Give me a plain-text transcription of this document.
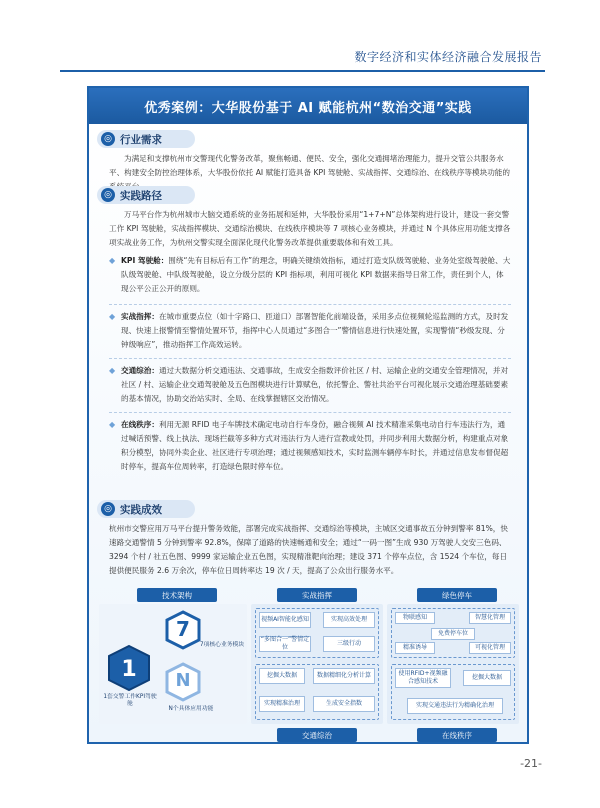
数字经济和实体经济融合发展报告
优秀案例：大华股份基于 AI 赋能杭州“数治交通”实践
◎ 行业需求
为满足和支撑杭州市交警现代化警务改革，聚焦畅通、便民、安全，强化交通拥堵治理能力，提升交管公共服务水平、构建安全防控治理体系，大华股份依托 AI 赋能打造具备 KPI 驾驶舱、实战指挥、交通综治、在线秩序等模块功能的
◎ 实践路径
万马平台作为杭州城市大脑交通系统的业务拓展和延伸，大华股份采用“1+7+N”总体架构进行设计，建设一套交警工作 KPI 驾驶舱，实战指挥模块、交通综治模块、在线秩序模块等 7 项核心业务模块，并通过 N 个具体应用功能支撑各项实战业务工作，为杭州交警实现全面深化现代化警务改革提供重要载体和有效工具。
◆ KPI 驾驶舱：围绕“先有目标后有工作”的理念，明确关键绩效指标，通过打造支队级驾驶舱、业务处室级驾驶舱、大队级驾驶舱、中队级驾驶舱，设立分级分层的 KPI 指标项，利用可视化 KPI 数据来指导日常工作，责任到个人，体现公平公正公开的原则。
◆ 实战指挥：在城市重要点位（如十字路口、匝道口）部署智能化前端设备，采用多点位视频轮巡监测的方式，及时发现、快速上报警情至警情处置环节，指挥中心人员通过“多图合一”警情信息进行快速处置，实现警情“秒级发现、分钟级响应”，推动指挥工作高效运转。
◆ 交通综治：通过大数据分析交通违法、交通事故，生成安全指数评价社区 / 村、运输企业的交通安全管理情况，并对社区 / 村、运输企业交通驾驶舱及五色图模块进行计算赋色，依托警企、警社共治平台可视化展示交通治理基础要素的基本情况，协助交治站实时、全局、在线掌握辖区交治情况。
◆ 在线秩序：利用无源 RFID 电子车牌技术确定电动自行车身份，融合视频 AI 技术精准采集电动自行车违法行为，通过喊话预警、线上执法、现场拦截等多种方式对违法行为人进行宣教或处罚，并同步利用大数据分析，构建重点对象积分模型，协同外卖企业、社区进行专项治理；通过视频感知技术，实时监测车辆停车时长，并通过信息发布督促超时停车，提高车位周转率，打造绿色限时停车位。
◎ 实践成效
杭州市交警应用万马平台提升警务效能，部署完成实战指挥、交通综治等模块，主城区交通事故五分钟到警率 81%，快速路交通警情 5 分钟到警率 92.8%，保障了道路的快速畅通和安全；通过“一码一图”生成 930 万驾驶人交安三色码、3294 个村 / 社五色图、9999 家运输企业五色图，实现精准靶向治理；建设 371 个停车点位，含 1524 个车位，每日提供便民服务 2.6 万余次，停车位日周转率达 19 次 / 天，提高了公众出行服务水平。
技术架构	实战指挥	绿色停车
7
7项核心业务模块
1
1套交警工作KPI驾驶舱
N
N个具体应用功能
视频AI智能化感知	实现高效处理
“多图合一”警情定位
三级行动
挖掘大数据	数据精细化分析计算
实现精准治理	生成安全指数
物联感知	智慧化管理
免费停车位
可视化管理
精准诱导
使用RFID+视频融合感知技术
挖掘大数据
实现交通违法行为精确化治理
交通综治	在线秩序
-21-
